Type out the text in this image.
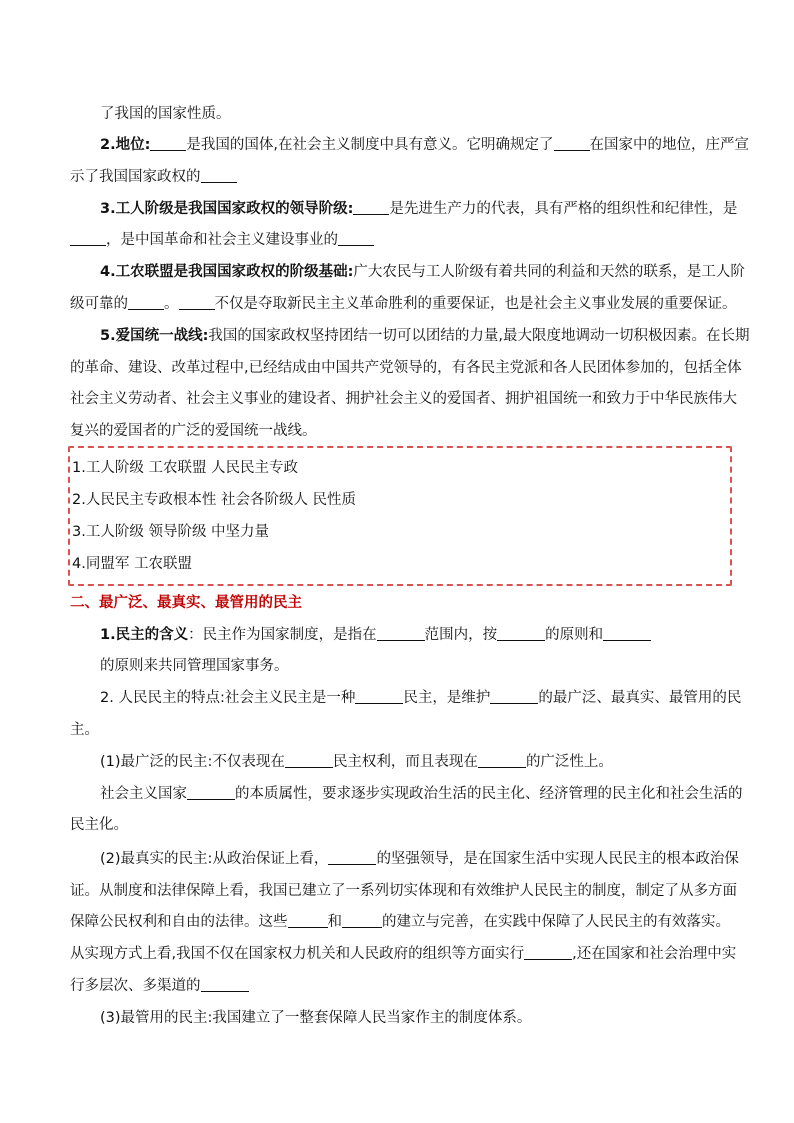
了我国的国家性质。
2.地位: 是我国的国体,在社会主义制度中具有意义。它明确规定了 在国家中的地位，庄严宣
示了我国国家政权的
3.工人阶级是我国国家政权的领导阶级: 是先进生产力的代表，具有严格的组织性和纪律性，是
，是中国革命和社会主义建设事业的
4.工农联盟是我国国家政权的阶级基础:广大农民与工人阶级有着共同的利益和天然的联系，是工人阶
级可靠的 。 不仅是夺取新民主主义革命胜利的重要保证，也是社会主义事业发展的重要保证。
5.爱国统一战线:我国的国家政权坚持团结一切可以团结的力量,最大限度地调动一切积极因素。在长期
的革命、建设、改革过程中,已经结成由中国共产党领导的，有各民主党派和各人民团体参加的，包括全体
社会主义劳动者、社会主义事业的建设者、拥护社会主义的爱国者、拥护祖国统一和致力于中华民族伟大
复兴的爱国者的广泛的爱国统一战线。
1.工人阶级 工农联盟 人民民主专政
2.人民民主专政根本性 社会各阶级人 民性质
3.工人阶级 领导阶级 中坚力量
4.同盟军 工农联盟
二、最广泛、最真实、最管用的民主
1.民主的含义：民主作为国家制度，是指在	范围内，按	的原则和
的原则来共同管理国家事务。
2. 人民民主的特点:社会主义民主是一种	民主，是维护	的最广泛、最真实、最管用的民
主。
(1)最广泛的民主:不仅表现在	民主权利，而且表现在	的广泛性上。
社会主义国家	的本质属性，要求逐步实现政治生活的民主化、经济管理的民主化和社会生活的
民主化。
(2)最真实的民主:从政治保证上看，	的坚强领导，是在国家生活中实现人民民主的根本政治保
证。从制度和法律保障上看，我国已建立了一系列切实体现和有效维护人民民主的制度，制定了从多方面
保障公民权利和自由的法律。这些	和	的建立与完善，在实践中保障了人民民主的有效落实。
从实现方式上看,我国不仅在国家权力机关和人民政府的组织等方面实行	,还在国家和社会治理中实
行多层次、多渠道的
(3)最管用的民主:我国建立了一整套保障人民当家作主的制度体系。
